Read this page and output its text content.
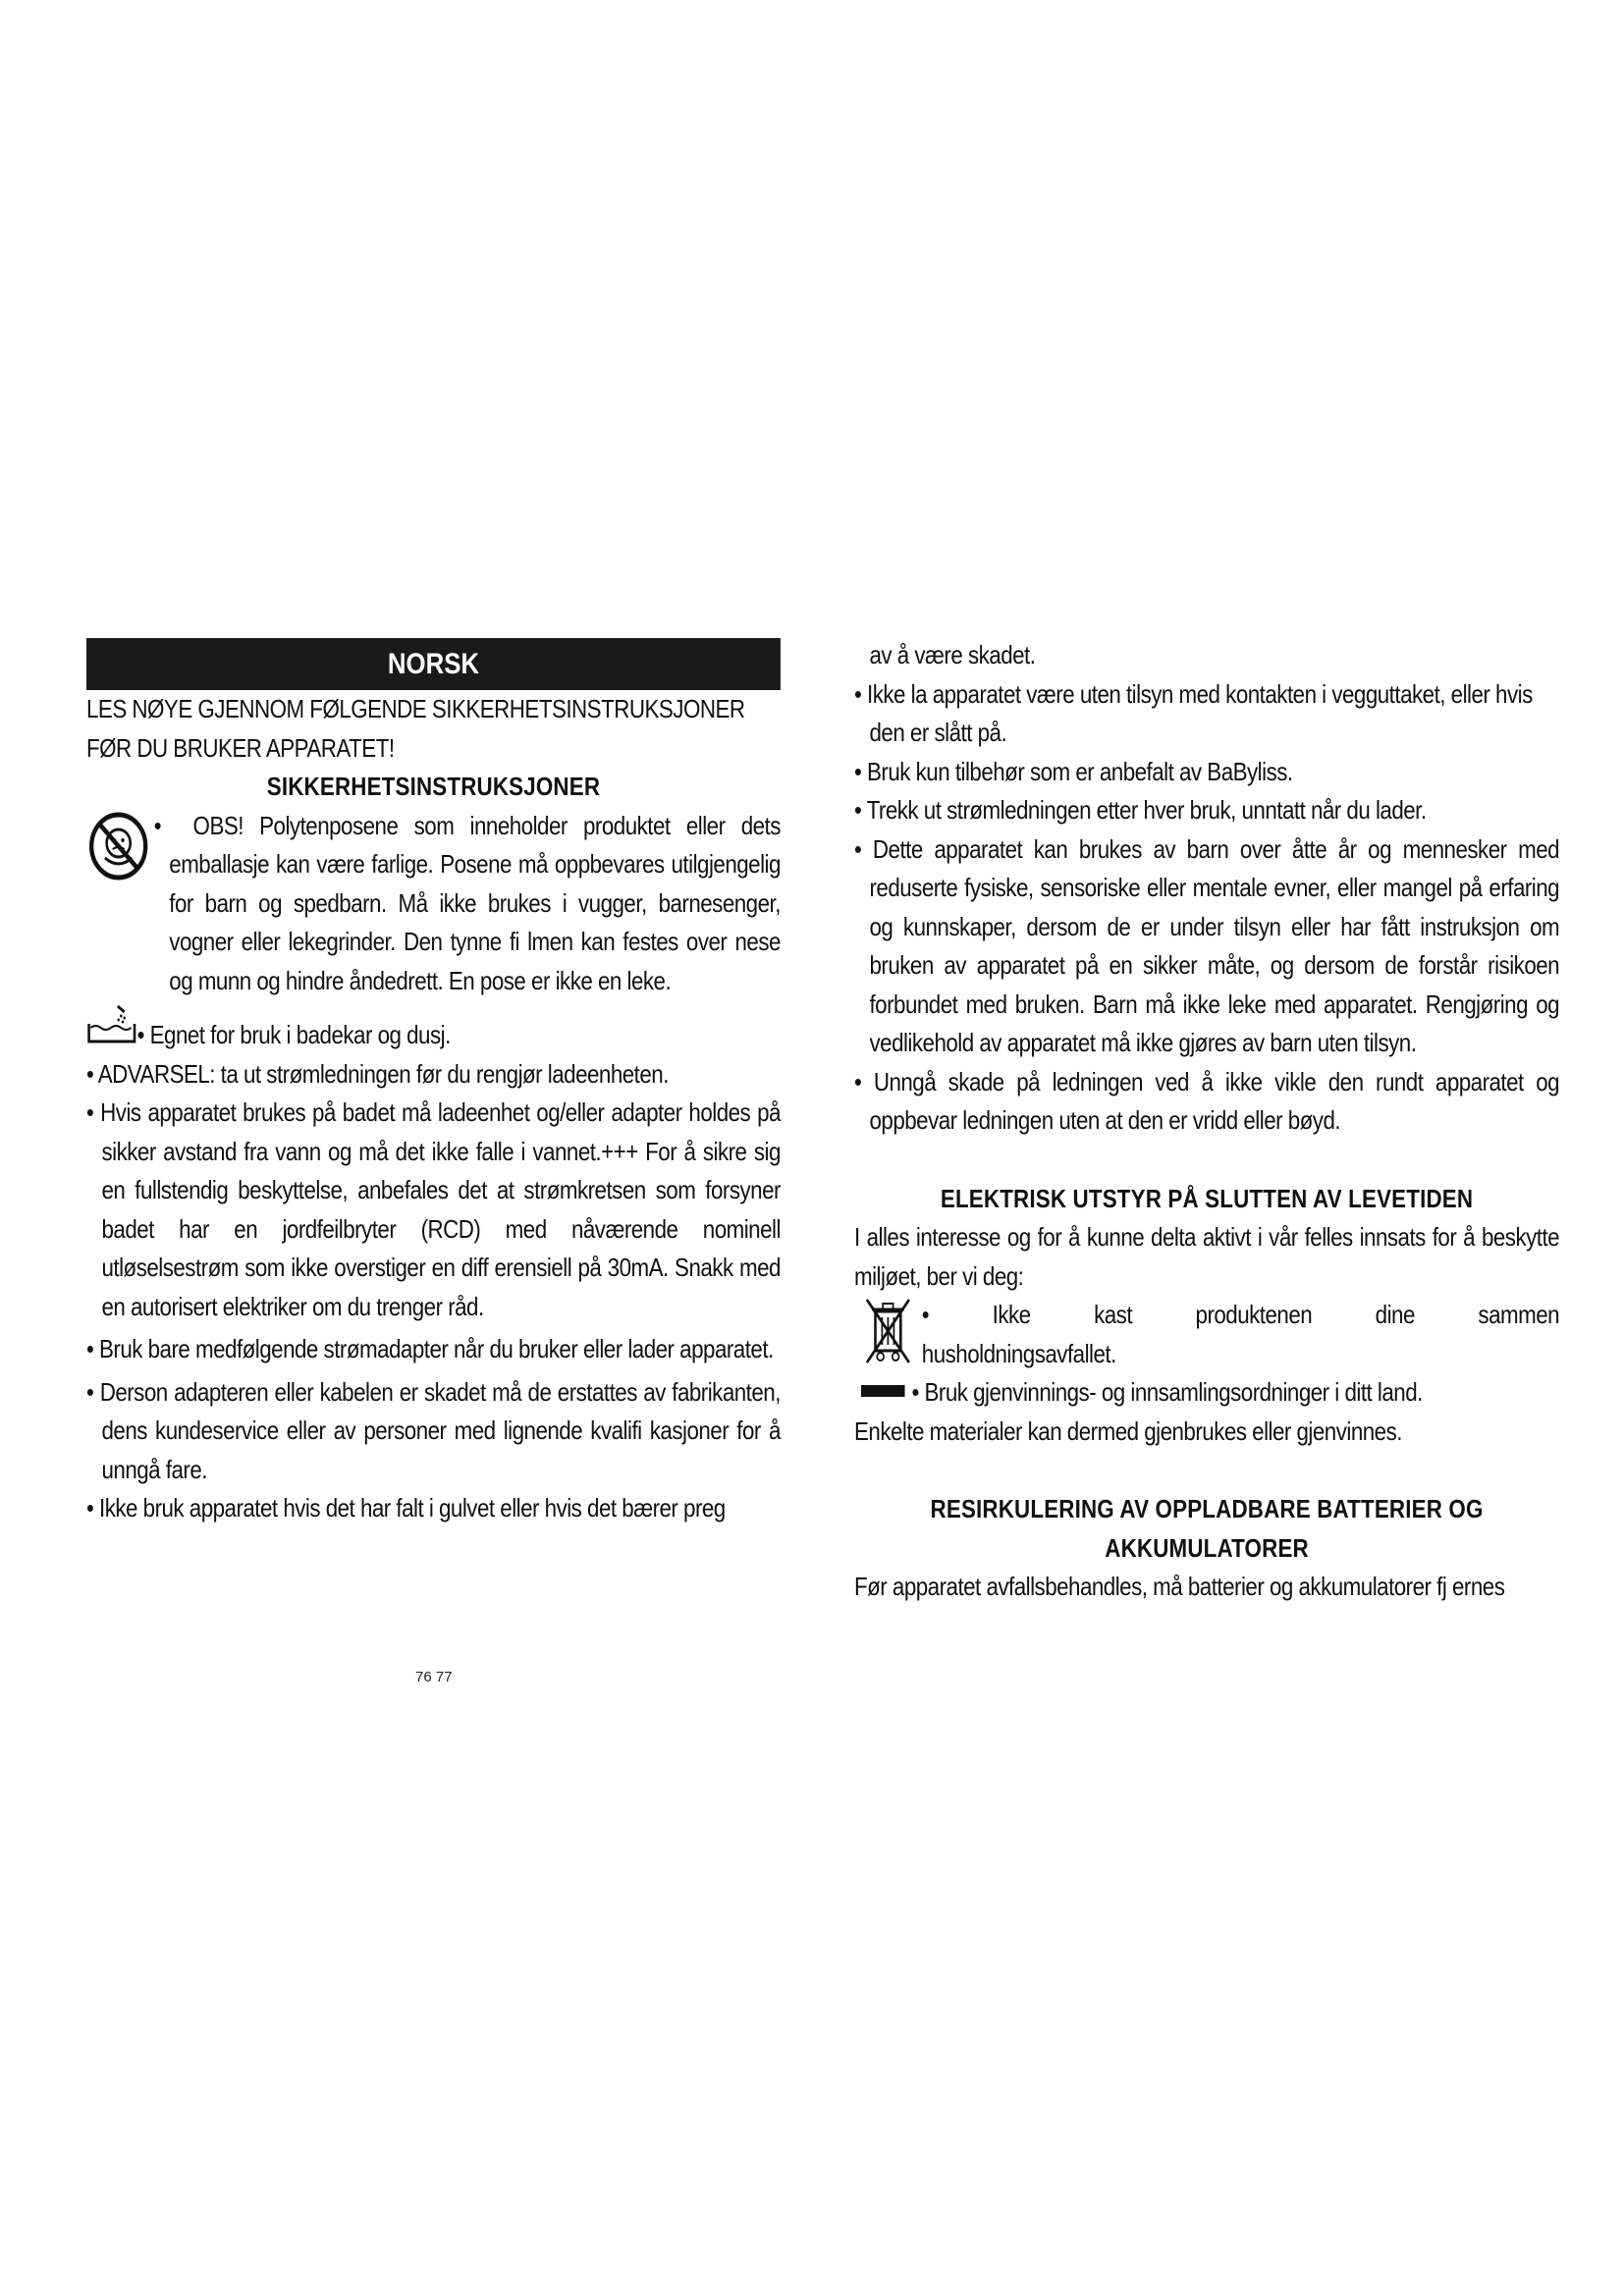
NORSK

LES NØYE GJENNOM FØLGENDE SIKKERHETSINSTRUKSJONER FØR DU BRUKER APPARATET!

SIKKERHETSINSTRUKSJONER
•  OBS! Polytenposene som inneholder produktet eller dets emballasje kan være farlige. Posene må oppbevares utilgjengelig for barn og spedbarn. Må ikke brukes i vugger, barnesenger, vogner eller lekegrinder. Den tynne fi lmen kan festes over nese og munn og hindre åndedrett. En pose er ikke en leke.
• Egnet for bruk i badekar og dusj.

• ADVARSEL: ta ut strømledningen før du rengjør ladeenheten.

• Hvis apparatet brukes på badet må ladeenhet og/eller adapter holdes på sikker avstand fra vann og må det ikke falle i vannet.+++ For å sikre sig en fullstendig beskyttelse, anbefales det at strømkretsen som forsyner badet har en jordfeilbryter (RCD) med nåværende nominell utløselsestrøm som ikke overstiger en diff erensiell på 30mA. Snakk med en autorisert elektriker om du trenger råd.

• Bruk bare medfølgende strømadapter når du bruker eller lader apparatet.

• Derson adapteren eller kabelen er skadet må de erstattes av fabrikanten, dens kundeservice eller av personer med lignende kvalifi kasjoner for å unngå fare.

• Ikke bruk apparatet hvis det har falt i gulvet eller hvis det bærer preg

av å være skadet.

• Ikke la apparatet være uten tilsyn med kontakten i vegguttaket, eller hvis den er slått på.

• Bruk kun tilbehør som er anbefalt av BaByliss.

• Trekk ut strømledningen etter hver bruk, unntatt når du lader.

• Dette apparatet kan brukes av barn over åtte år og mennesker med reduserte fysiske, sensoriske eller mentale evner, eller mangel på erfaring og kunnskaper, dersom de er under tilsyn eller har fått instruksjon om bruken av apparatet på en sikker måte, og dersom de forstår risikoen forbundet med bruken. Barn må ikke leke med apparatet. Rengjøring og vedlikehold av apparatet må ikke gjøres av barn uten tilsyn.

• Unngå skade på ledningen ved å ikke vikle den rundt apparatet og oppbevar ledningen uten at den er vridd eller bøyd.

ELEKTRISK UTSTYR PÅ SLUTTEN AV LEVETIDEN

I alles interesse og for å kunne delta aktivt i vår felles innsats for å beskytte miljøet, ber vi deg:

• Ikke kast produktenen dine sammen
husholdningsavfallet.
• Bruk gjenvinnings- og innsamlingsordninger i ditt land.

Enkelte materialer kan dermed gjenbrukes eller gjenvinnes.

RESIRKULERING AV OPPLADBARE BATTERIER OG
AKKUMULATORER

Før apparatet avfallsbehandles, må batterier og akkumulatorer fj ernes

76 77
